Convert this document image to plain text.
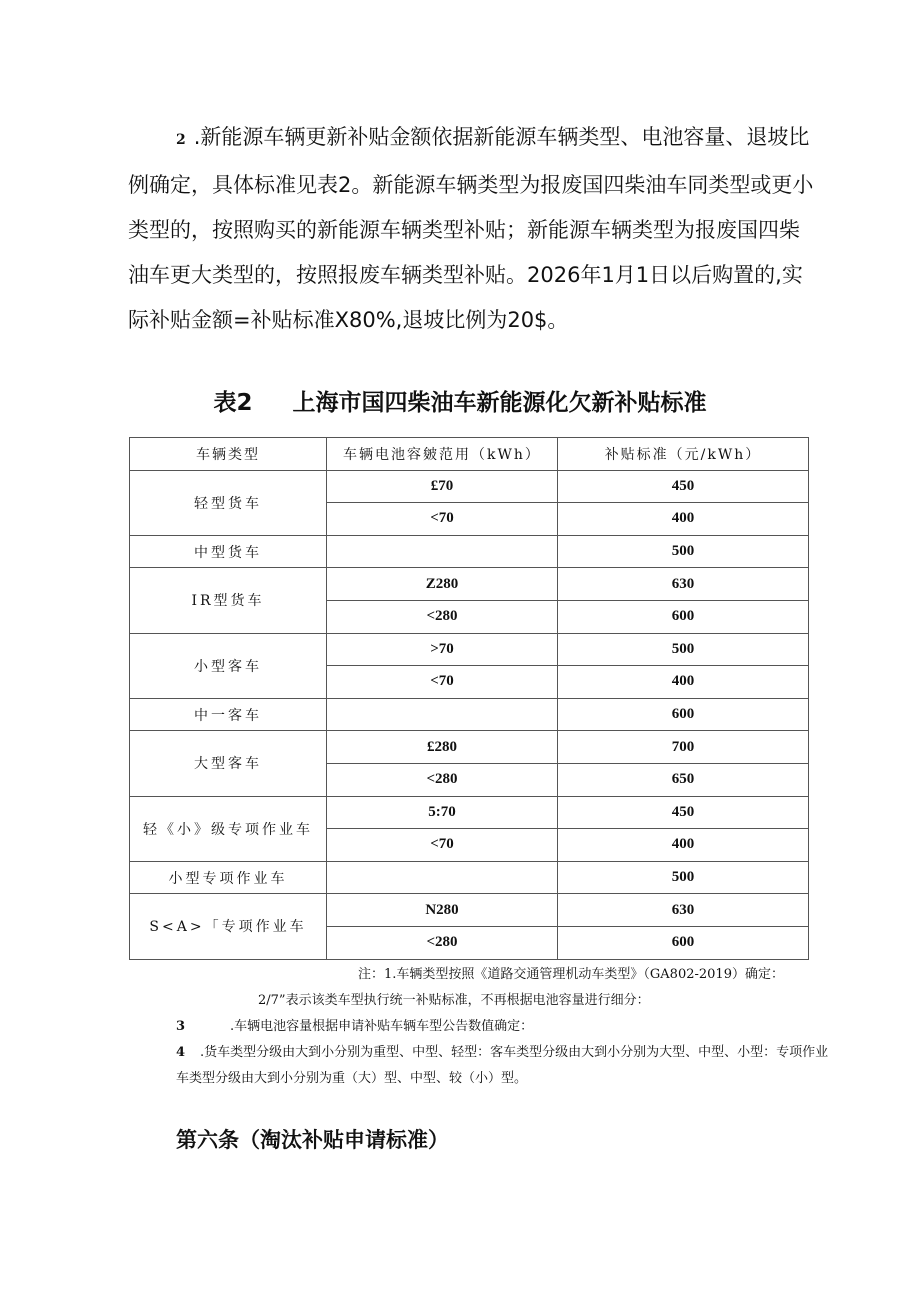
2 .新能源车辆更新补贴金额依据新能源车辆类型、电池容量、退坡比例确定，具体标准见表2。新能源车辆类型为报废国四柴油车同类型或更小类型的，按照购买的新能源车辆类型补贴；新能源车辆类型为报废国四柴油车更大类型的，按照报废车辆类型补贴。2026年1月1日以后购置的,实际补贴金额=补贴标准X80%,退坡比例为20$。

表2 上海市国四柴油车新能源化欠新补贴标准
车辆类型	车辆电池容皴范用（kWh）	补贴标准（元/kWh）
轻型货车	£70	450
	<70	400
中型货车		500
IR型货车	Z280	630
	<280	600
小型客车	>70	500
	<70	400
中一客车		600
大型客车	£280	700
	<280	650
轻《小》级专项作业车	5:70	450
	<70	400
小型专项作业车		500
S<A>「专项作业车	N280	630
	<280	600

注：1.车辆类型按照《道路交通管理机动车类型》（GA802-2019）确定：

2/7”表示该类车型执行统一补贴标准，不再根据电池容量进行细分：

3	.车辆电池容量根据申请补贴车辆车型公告数值确定：

4 .货车类型分级由大到小分别为重型、中型、轻型：客车类型分级由大到小分别为大型、中型、小型：专项作业车类型分级由大到小分别为重（大）型、中型、较（小）型。

第六条（淘汰补贴申请标准）
